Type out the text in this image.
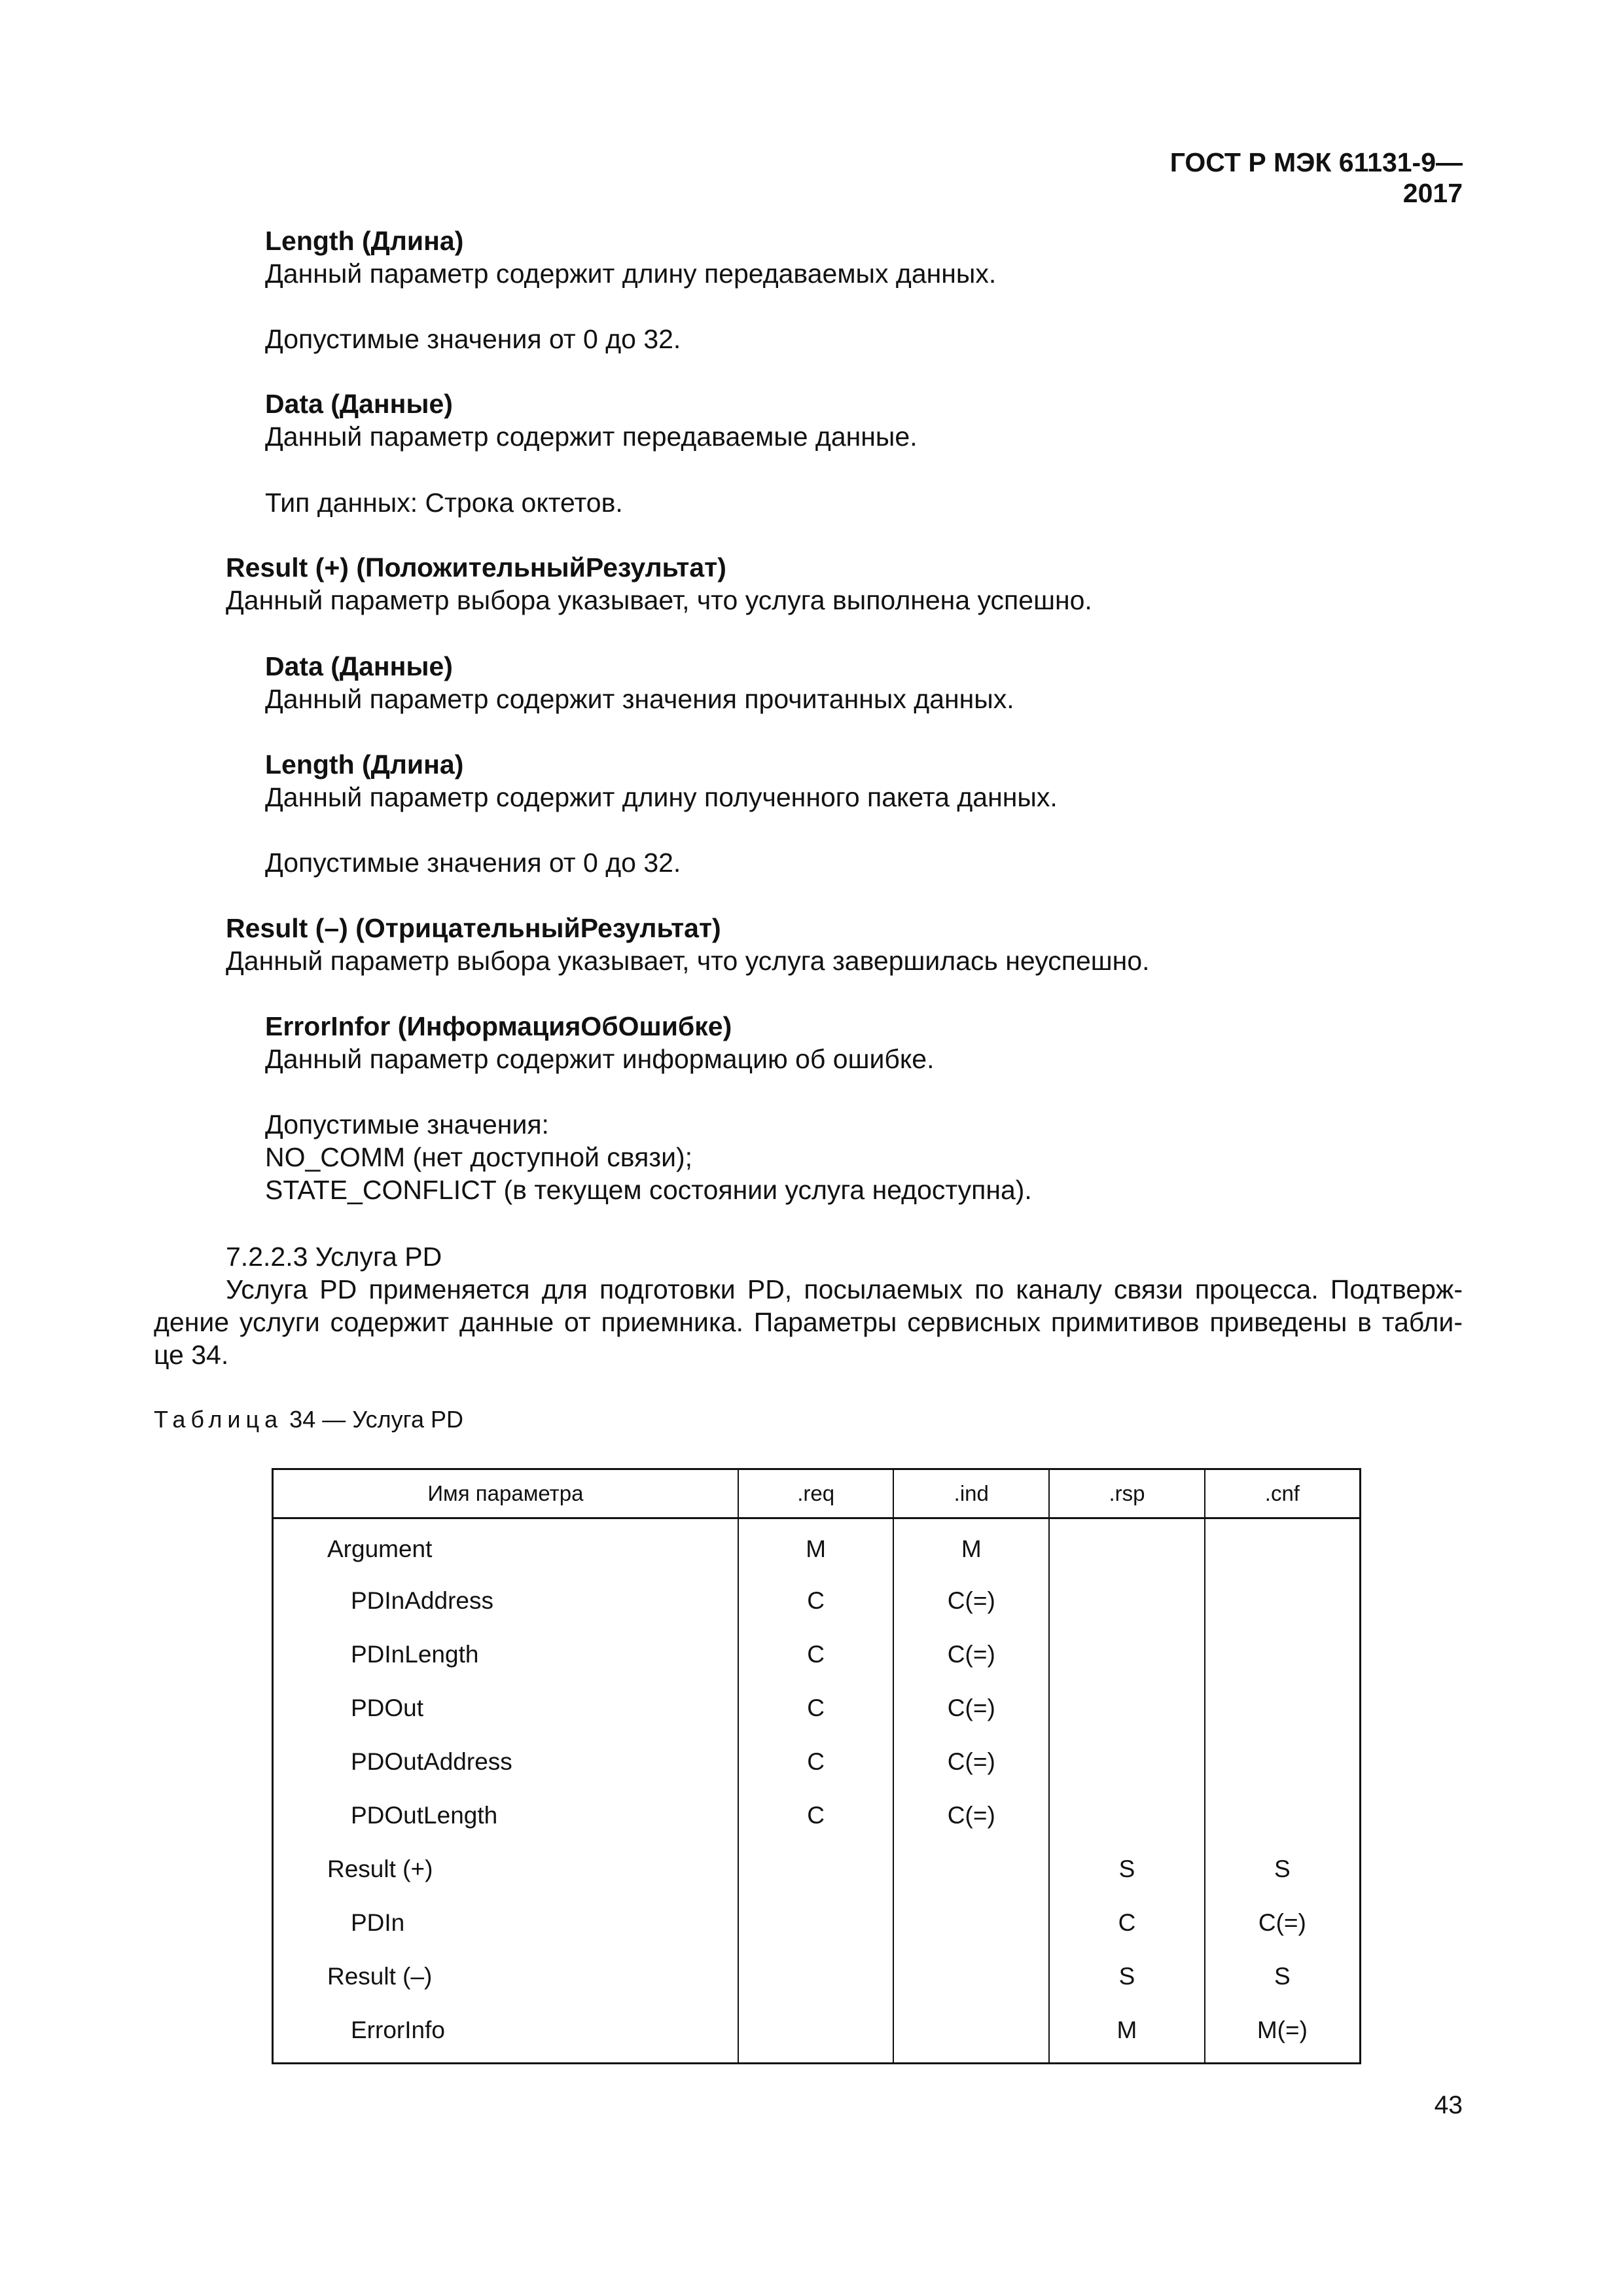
ГОСТ Р МЭК 61131-9—2017
Length (Длина)
Данный параметр содержит длину передаваемых данных.
Допустимые значения от 0 до 32.
Data (Данные)
Данный параметр содержит передаваемые данные.
Тип данных: Строка октетов.
Result (+) (ПоложительныйРезультат)
Данный параметр выбора указывает, что услуга выполнена успешно.
Data (Данные)
Данный параметр содержит значения прочитанных данных.
Length (Длина)
Данный параметр содержит длину полученного пакета данных.
Допустимые значения от 0 до 32.
Result (–) (ОтрицательныйРезультат)
Данный параметр выбора указывает, что услуга завершилась неуспешно.
ErrorInfor (ИнформацияОбОшибке)
Данный параметр содержит информацию об ошибке.
Допустимые значения:
NO_COMM (нет доступной связи);
STATE_CONFLICT (в текущем состоянии услуга недоступна).
7.2.2.3 Услуга PD
Услуга PD применяется для подготовки PD, посылаемых по каналу связи процесса. Подтверж-
дение услуги содержит данные от приемника. Параметры сервисных примитивов приведены в табли-
це 34.
Таблица 34 — Услуга PD
Имя параметра	.req	.ind	.rsp	.cnf
Argument	M	M		
PDInAddress	C	C(=)		
PDInLength	C	C(=)		
PDOut	C	C(=)		
PDOutAddress	C	C(=)		
PDOutLength	C	C(=)		
Result (+)			S	S
PDIn			C	C(=)
Result (–)			S	S
ErrorInfo			M	M(=)
43
